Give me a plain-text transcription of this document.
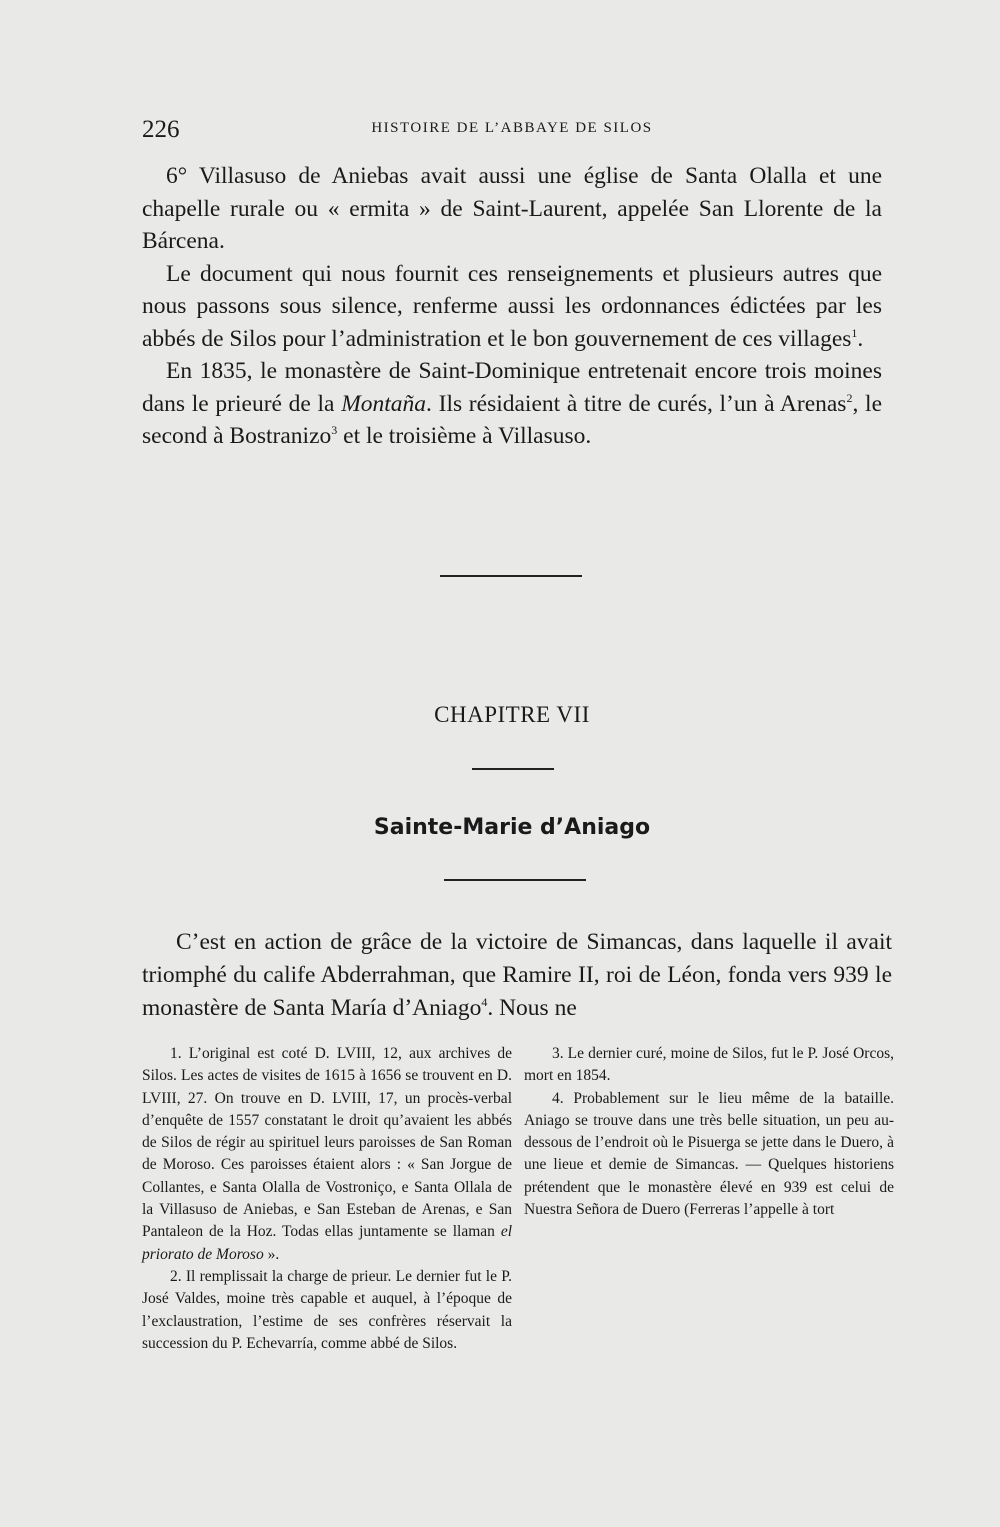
226	HISTOIRE DE L’ABBAYE DE SILOS

6° Villasuso de Aniebas avait aussi une église de Santa Olalla et une chapelle rurale ou « ermita » de Saint-Laurent, appelée San Llorente de la Bárcena.

Le document qui nous fournit ces renseignements et plusieurs autres que nous passons sous silence, renferme aussi les ordonnances édictées par les abbés de Silos pour l’administration et le bon gouvernement de ces villages$^1$.

En 1835, le monastère de Saint-Dominique entretenait encore trois moines dans le prieuré de la Montaña. Ils résidaient à titre de curés, l’un à Arenas$^2$, le second à Bostranizo$^3$ et le troisième à Villasuso.

CHAPITRE VII
Sainte-Marie d’Aniago

C’est en action de grâce de la victoire de Simancas, dans laquelle il avait triomphé du calife Abderrahman, que Ramire II, roi de Léon, fonda vers 939 le monastère de Santa María d’Aniago$^4$. Nous ne

1. L’original est coté D. LVIII, 12, aux archives de Silos. Les actes de visites de 1615 à 1656 se trouvent en D. LVIII, 27. On trouve en D. LVIII, 17, un procès-verbal d’enquête de 1557 constatant le droit qu’avaient les abbés de Silos de régir au spirituel leurs paroisses de San Roman de Moroso. Ces paroisses étaient alors : « San Jorgue de Collantes, e Santa Olalla de Vostroniço, e Santa Ollala de la Villasuso de Aniebas, e San Esteban de Arenas, e San Pantaleon de la Hoz. Todas ellas juntamente se llaman el priorato de Moroso ».

2. Il remplissait la charge de prieur. Le dernier fut le P. José Valdes, moine très capable et auquel, à l’époque de l’exclaustration, l’estime de ses confrères réservait la succession du P. Echevarría, comme abbé de Silos.

3. Le dernier curé, moine de Silos, fut le P. José Orcos, mort en 1854.

4. Probablement sur le lieu même de la bataille. Aniago se trouve dans une très belle situation, un peu au-dessous de l’endroit où le Pisuerga se jette dans le Duero, à une lieue et demie de Simancas. — Quelques historiens prétendent que le monastère élevé en 939 est celui de Nuestra Señora de Duero (Ferreras l’appelle à tort
